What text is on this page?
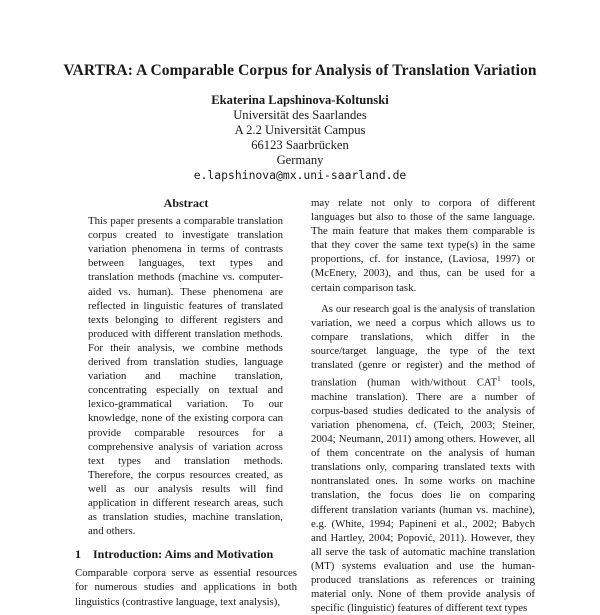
VARTRA: A Comparable Corpus for Analysis of Translation Variation
Ekaterina Lapshinova-Koltunski
Universität des Saarlandes
A 2.2 Universität Campus
66123 Saarbrücken
Germany
e.lapshinova@mx.uni-saarland.de
Abstract
This paper presents a comparable translation corpus created to investigate translation variation phenomena in terms of contrasts between languages, text types and translation methods (machine vs. computer-aided vs. human). These phenomena are reflected in linguistic features of translated texts belonging to different registers and produced with different translation methods. For their analysis, we combine methods derived from translation studies, language variation and machine translation, concentrating especially on textual and lexico-grammatical variation. To our knowledge, none of the existing corpora can provide comparable resources for a comprehensive analysis of variation across text types and translation methods. Therefore, the corpus resources created, as well as our analysis results will find application in different research areas, such as translation studies, machine translation, and others.
1 Introduction: Aims and Motivation

Comparable corpora serve as essential resources for numerous studies and applications in both linguistics (contrastive language, text analysis),

may relate not only to corpora of different languages but also to those of the same language. The main feature that makes them comparable is that they cover the same text type(s) in the same proportions, cf. for instance, (Laviosa, 1997) or (McEnery, 2003), and thus, can be used for a certain comparison task.

As our research goal is the analysis of translation variation, we need a corpus which allows us to compare translations, which differ in the source/target language, the type of the text translated (genre or register) and the method of translation (human with/without CAT$^1$ tools, machine translation). There are a number of corpus-based studies dedicated to the analysis of variation phenomena, cf. (Teich, 2003; Steiner, 2004; Neumann, 2011) among others. However, all of them concentrate on the analysis of human translations only, comparing translated texts with nontranslated ones. In some works on machine translation, the focus does lie on comparing different translation variants (human vs. machine), e.g. (White, 1994; Papineni et al., 2002; Babych and Hartley, 2004; Popović, 2011). However, they all serve the task of automatic machine translation (MT) systems evaluation and use the human-produced translations as references or training material only. None of them provide analysis of specific (linguistic) features of different text types
